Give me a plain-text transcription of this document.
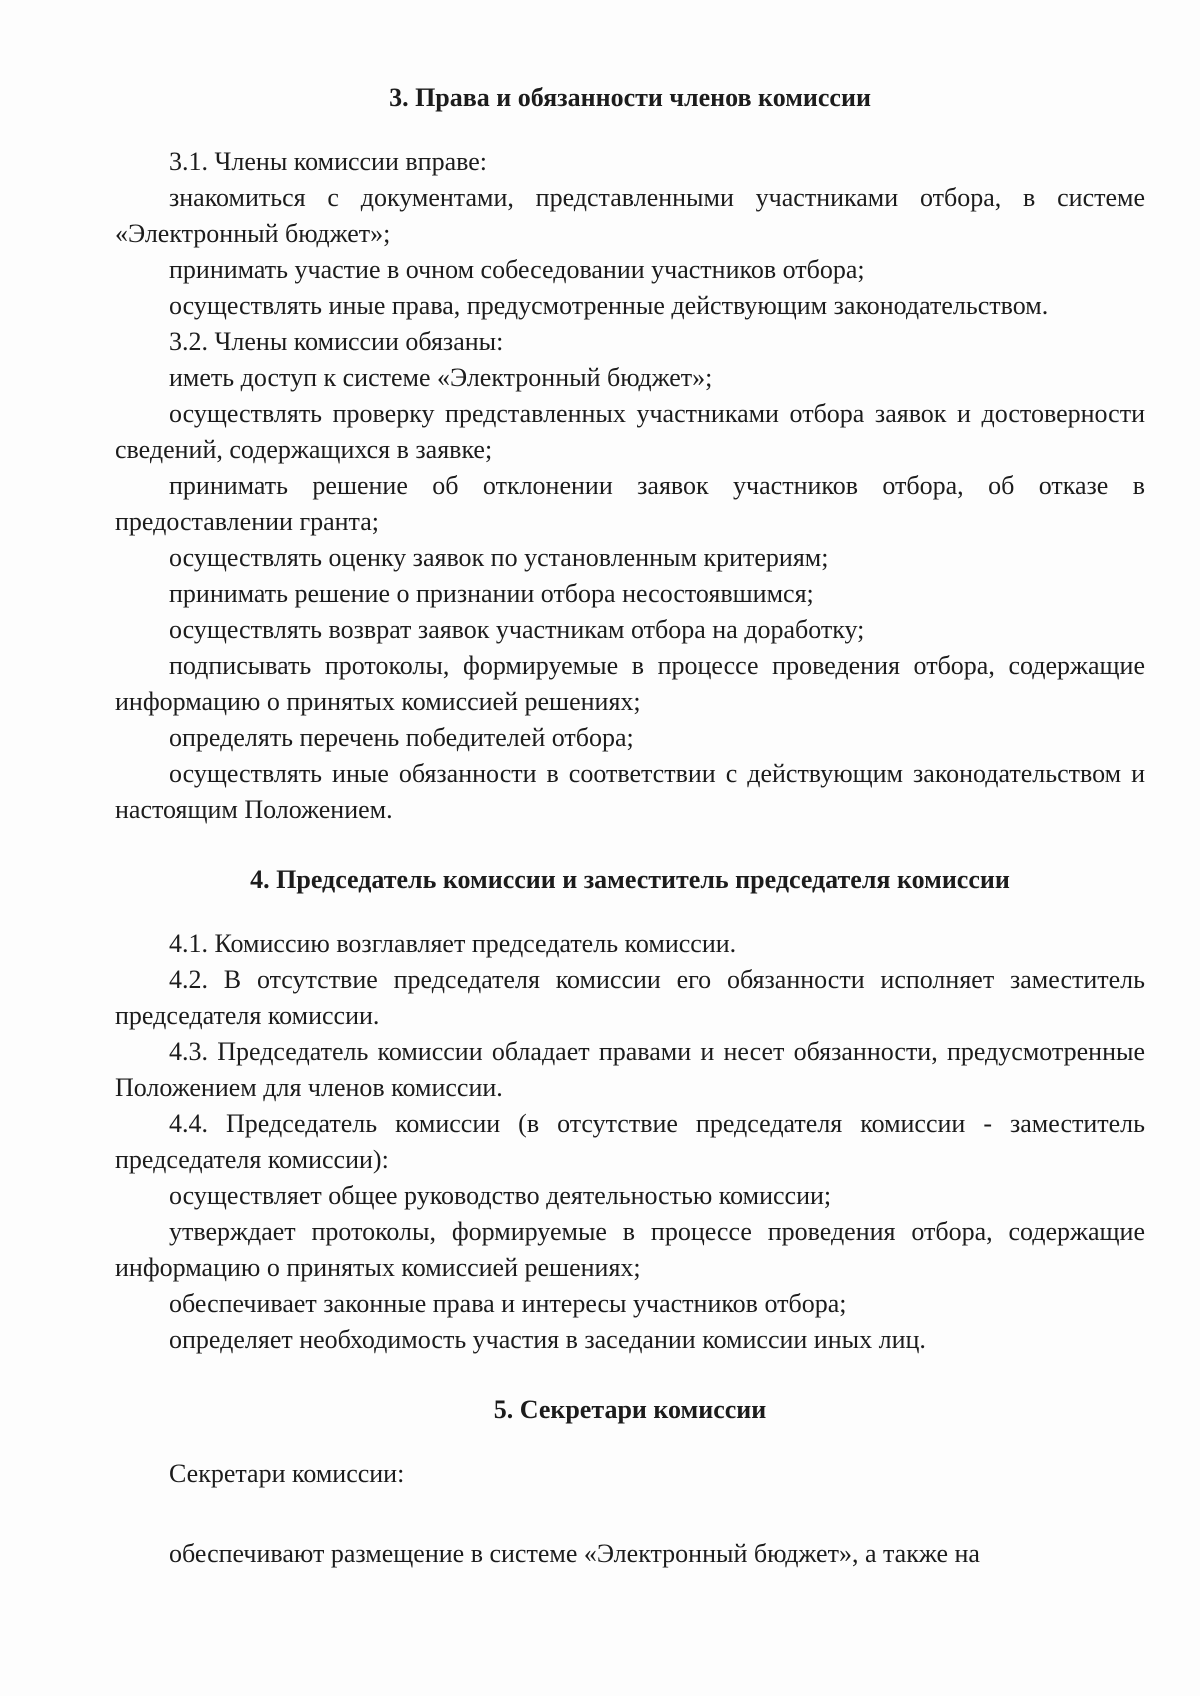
3. Права и обязанности членов комиссии

3.1. Члены комиссии вправе:

знакомиться с документами, представленными участниками отбора, в системе «Электронный бюджет»;

принимать участие в очном собеседовании участников отбора;

осуществлять иные права, предусмотренные действующим законодательством.

3.2. Члены комиссии обязаны:

иметь доступ к системе «Электронный бюджет»;

осуществлять проверку представленных участниками отбора заявок и достоверности сведений, содержащихся в заявке;

принимать решение об отклонении заявок участников отбора, об отказе в предоставлении гранта;

осуществлять оценку заявок по установленным критериям;

принимать решение о признании отбора несостоявшимся;

осуществлять возврат заявок участникам отбора на доработку;

подписывать протоколы, формируемые в процессе проведения отбора, содержащие информацию о принятых комиссией решениях;

определять перечень победителей отбора;

осуществлять иные обязанности в соответствии с действующим законодательством и настоящим Положением.

4. Председатель комиссии и заместитель председателя комиссии

4.1. Комиссию возглавляет председатель комиссии.

4.2. В отсутствие председателя комиссии его обязанности исполняет заместитель председателя комиссии.

4.3. Председатель комиссии обладает правами и несет обязанности, предусмотренные Положением для членов комиссии.

4.4. Председатель комиссии (в отсутствие председателя комиссии - заместитель председателя комиссии):

осуществляет общее руководство деятельностью комиссии;

утверждает протоколы, формируемые в процессе проведения отбора, содержащие информацию о принятых комиссией решениях;

обеспечивает законные права и интересы участников отбора;

определяет необходимость участия в заседании комиссии иных лиц.

5. Секретари комиссии

Секретари комиссии:

обеспечивают размещение в системе «Электронный бюджет», а также на
